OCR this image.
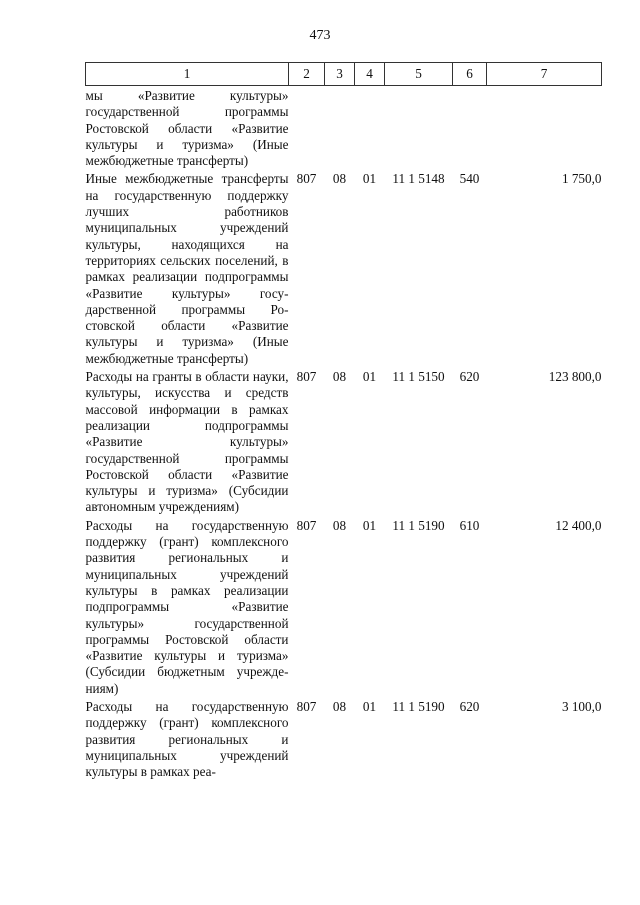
473
1	2	3	4	5	6	7
мы «Развитие культуры» государственной программы Ростовской области «Развитие культуры и туризма» (Иные межбюджетные трансферты)						
Иные межбюджетные трансферты на государственную поддержку лучших работников муниципальных учреждений культуры, находящихся на территориях сельских поселений, в рамках реализации подпрограммы «Развитие культуры» государственной программы Ростовской области «Развитие культуры и туризма» (Иные межбюджетные трансферты)	807	08	01	11 1 5148	540	1 750,0
Расходы на гранты в области науки, культуры, искусства и средств массовой информации в рамках реализации подпрограммы «Развитие культуры» государственной программы Ростовской области «Развитие культуры и туризма» (Субсидии автономным учреждениям)	807	08	01	11 1 5150	620	123 800,0
Расходы на государственную поддержку (грант) комплексного развития региональных и муниципальных учреждений культуры в рамках реализации подпрограммы «Развитие культуры» государственной программы Ростовской области «Развитие культуры и туризма» (Субсидии бюджетным учреждениям)	807	08	01	11 1 5190	610	12 400,0
Расходы на государственную поддержку (грант) комплексного развития региональных и муниципальных учреждений культуры в рамках реа-	807	08	01	11 1 5190	620	3 100,0
